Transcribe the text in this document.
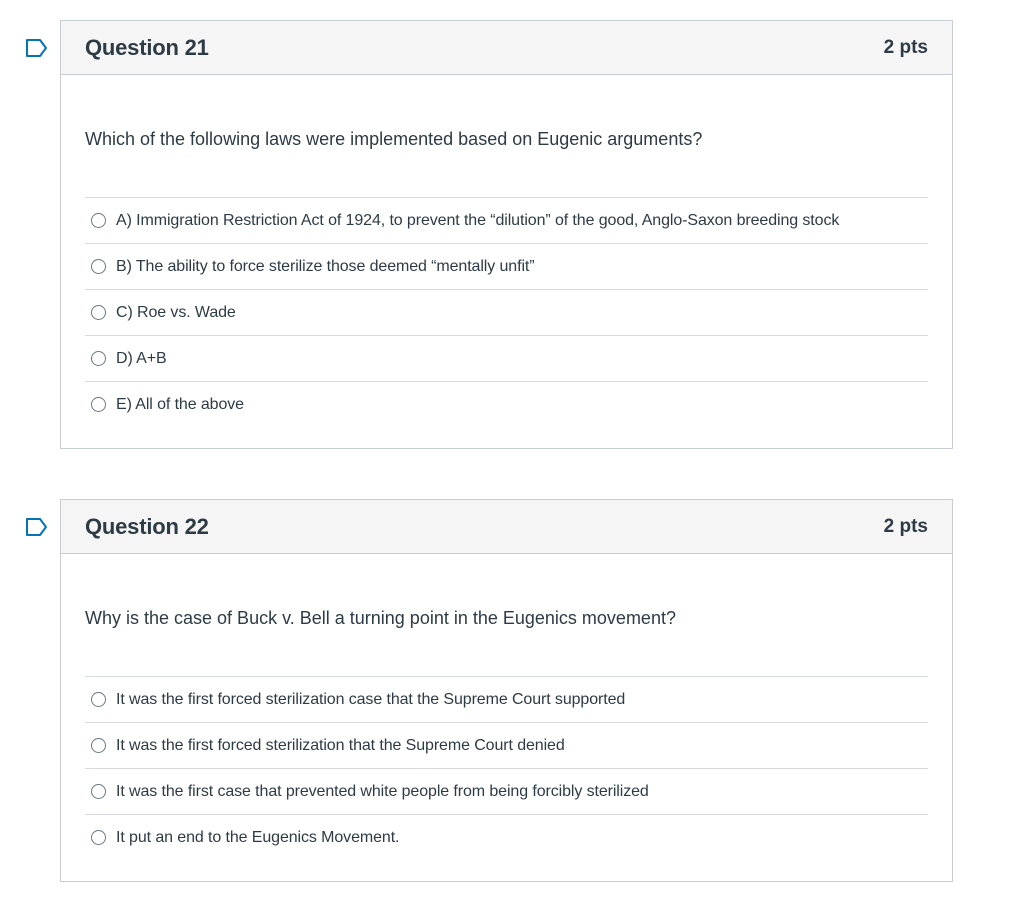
Question 21	2 pts
Which of the following laws were implemented based on Eugenic arguments?
A) Immigration Restriction Act of 1924, to prevent the “dilution” of the good, Anglo-Saxon breeding stock
B) The ability to force sterilize those deemed “mentally unfit”
C) Roe vs. Wade
D) A+B
E) All of the above
Question 22	2 pts
Why is the case of Buck v. Bell a turning point in the Eugenics movement?
It was the first forced sterilization case that the Supreme Court supported
It was the first forced sterilization that the Supreme Court denied
It was the first case that prevented white people from being forcibly sterilized
It put an end to the Eugenics Movement.
